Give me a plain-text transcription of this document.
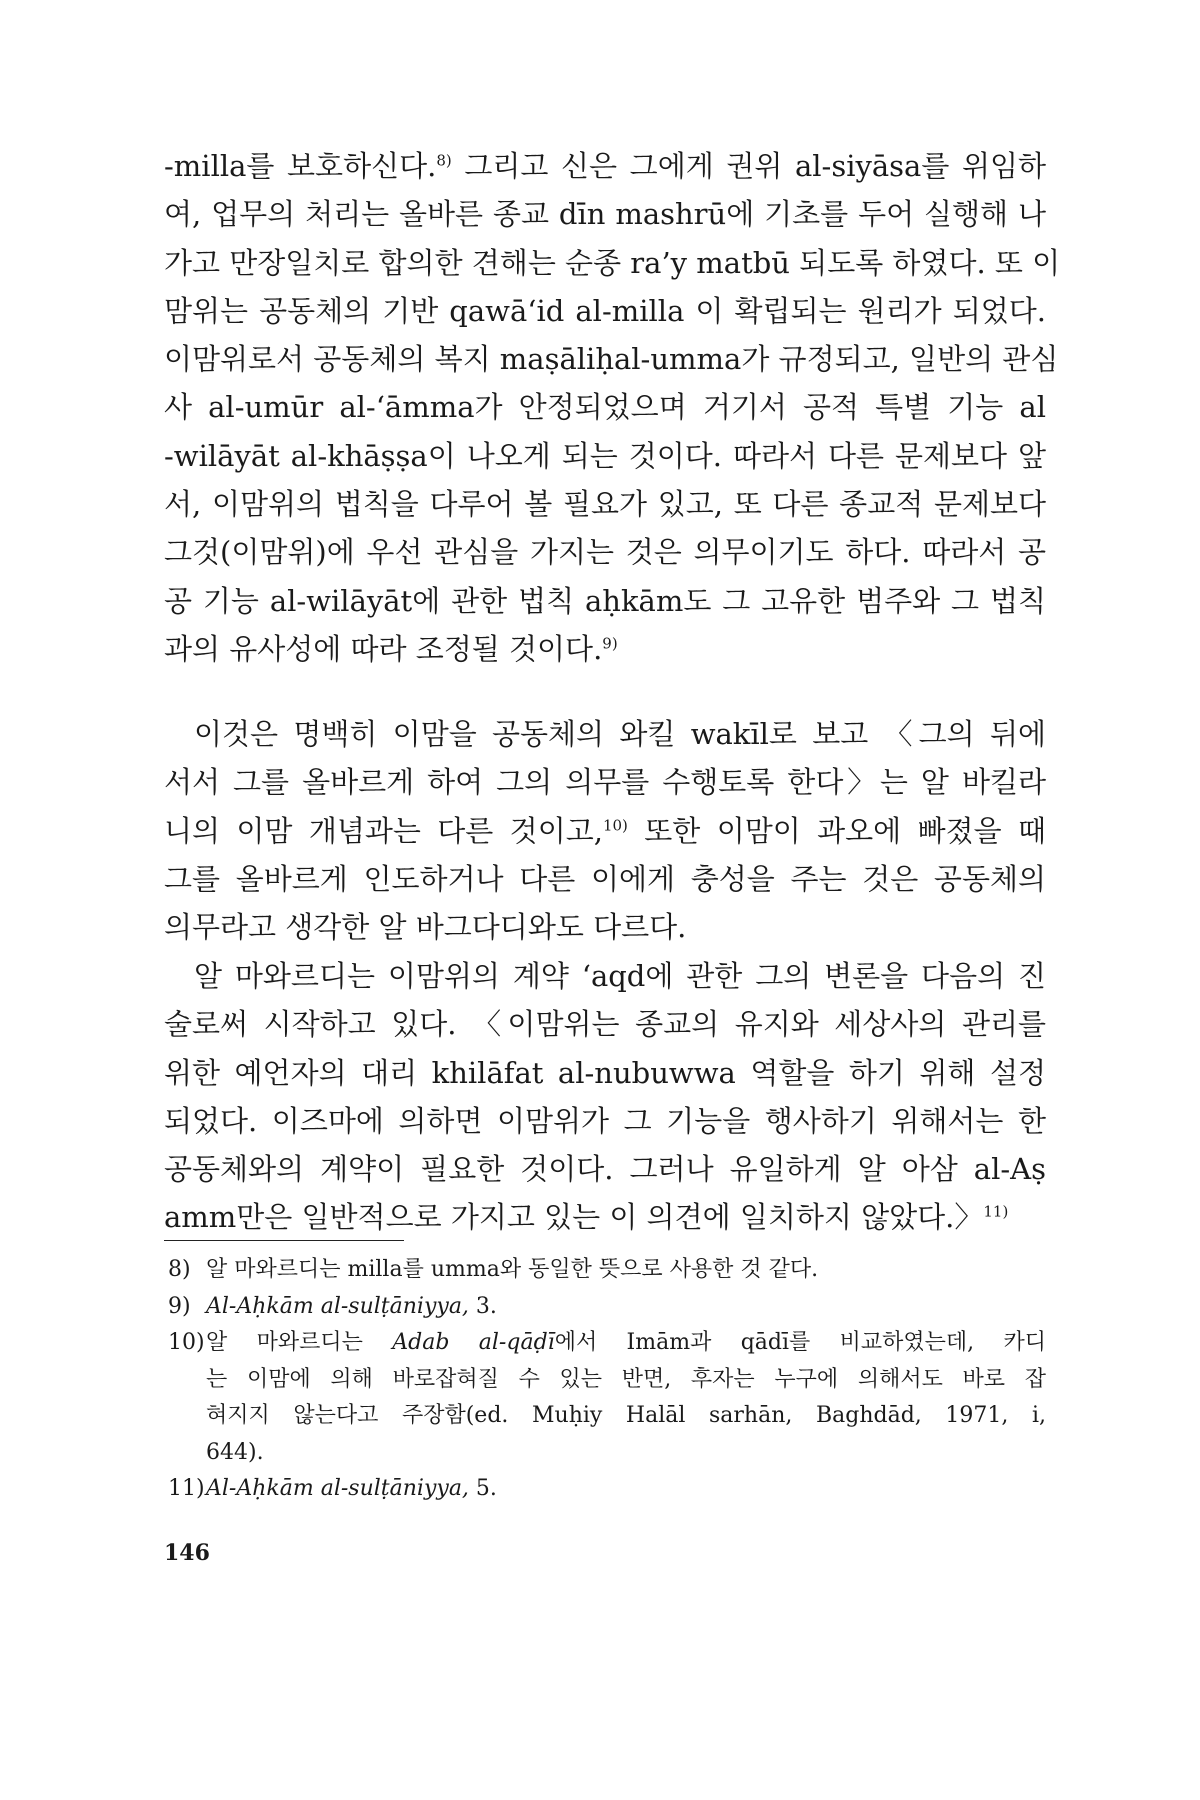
-milla를 보호하신다.$^{8)}$ 그리고 신은 그에게 권위 al-siyāsa를 위임하
여, 업무의 처리는 올바른 종교 dīn mashrū에 기초를 두어 실행해 나
가고 만장일치로 합의한 견해는 순종 ra’y matbū 되도록 하였다. 또 이
맘위는 공동체의 기반 qawā‘id al-milla 이 확립되는 원리가 되었다.
이맘위로서 공동체의 복지 maṣāliḥal-umma가 규정되고, 일반의 관심
사 al-umūr al-‘āmma가 안정되었으며 거기서 공적 특별 기능 al
-wilāyāt al-khāṣṣa이 나오게 되는 것이다. 따라서 다른 문제보다 앞
서, 이맘위의 법칙을 다루어 볼 필요가 있고, 또 다른 종교적 문제보다
그것(이맘위)에 우선 관심을 가지는 것은 의무이기도 하다. 따라서 공
공 기능 al-wilāyāt에 관한 법칙 aḥkām도 그 고유한 범주와 그 법칙
과의 유사성에 따라 조정될 것이다.$^{9)}$
이것은 명백히 이맘을 공동체의 와킬 wakīl로 보고 〈그의 뒤에
서서 그를 올바르게 하여 그의 의무를 수행토록 한다〉는 알 바킬라
니의 이맘 개념과는 다른 것이고,$^{10)}$ 또한 이맘이 과오에 빠졌을 때
그를 올바르게 인도하거나 다른 이에게 충성을 주는 것은 공동체의
의무라고 생각한 알 바그다디와도 다르다.
알 마와르디는 이맘위의 계약 ‘aqd에 관한 그의 변론을 다음의 진
술로써 시작하고 있다. 〈이맘위는 종교의 유지와 세상사의 관리를
위한 예언자의 대리 khilāfat al-nubuwwa 역할을 하기 위해 설정
되었다. 이즈마에 의하면 이맘위가 그 기능을 행사하기 위해서는 한
공동체와의 계약이 필요한 것이다. 그러나 유일하게 알 아삼 al-Aṣ
amm만은 일반적으로 가지고 있는 이 의견에 일치하지 않았다.〉$^{11)}$
8) 알 마와르디는 milla를 umma와 동일한 뜻으로 사용한 것 같다.
9) Al-Aḥkām al-sulṭāniyya, 3.
10) 알 마와르디는 Adab al-qāḍī에서 Imām과 qādī를 비교하였는데, 카디
는 이맘에 의해 바로잡혀질 수 있는 반면, 후자는 누구에 의해서도 바로 잡
혀지지 않는다고 주장함(ed. Muḥiy Halāl sarhān, Baghdād, 1971, i,
644).
11) Al-Aḥkām al-sulṭāniyya, 5.
146
